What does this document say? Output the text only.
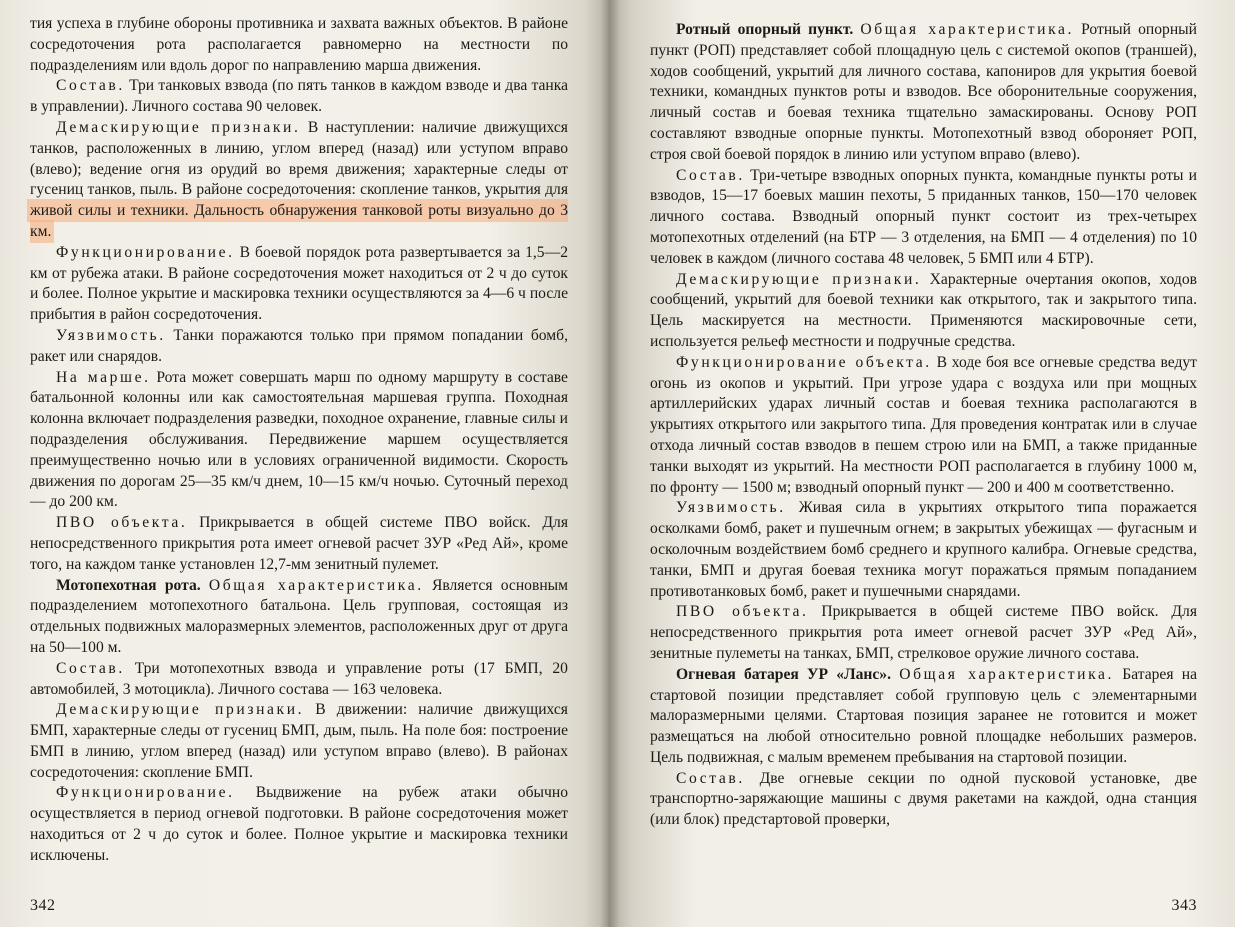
тия успеха в глубине обороны противника и захвата важных объектов. В районе сосредоточения рота располагается равномерно на местности по подразделениям или вдоль дорог по направлению марша движения.

Состав. Три танковых взвода (по пять танков в каждом взводе и два танка в управлении). Личного состава 90 человек.

Демаскирующие признаки. В наступлении: наличие движущихся танков, расположенных в линию, углом вперед (назад) или уступом вправо (влево); ведение огня из орудий во время движения; характерные следы от гусениц танков, пыль. В районе сосредоточения: скопление танков, укрытия для живой силы и техники. Дальность обнаружения танковой роты визуально до 3 км.

Функционирование. В боевой порядок рота развертывается за 1,5—2 км от рубежа атаки. В районе сосредоточения может находиться от 2 ч до суток и более. Полное укрытие и маскировка техники осуществляются за 4—6 ч после прибытия в район сосредоточения.

Уязвимость. Танки поражаются только при прямом попадании бомб, ракет или снарядов.

На марше. Рота может совершать марш по одному маршруту в составе батальонной колонны или как самостоятельная маршевая группа. Походная колонна включает подразделения разведки, походное охранение, главные силы и подразделения обслуживания. Передвижение маршем осуществляется преимущественно ночью или в условиях ограниченной видимости. Скорость движения по дорогам 25—35 км/ч днем, 10—15 км/ч ночью. Суточный переход — до 200 км.

ПВО объекта. Прикрывается в общей системе ПВО войск. Для непосредственного прикрытия рота имеет огневой расчет ЗУР «Ред Ай», кроме того, на каждом танке установлен 12,7-мм зенитный пулемет.

Мотопехотная рота. Общая характеристика. Является основным подразделением мотопехотного батальона. Цель групповая, состоящая из отдельных подвижных малоразмерных элементов, расположенных друг от друга на 50—100 м.

Состав. Три мотопехотных взвода и управление роты (17 БМП, 20 автомобилей, 3 мотоцикла). Личного состава — 163 человека.

Демаскирующие признаки. В движении: наличие движущихся БМП, характерные следы от гусениц БМП, дым, пыль. На поле боя: построение БМП в линию, углом вперед (назад) или уступом вправо (влево). В районах сосредоточения: скопление БМП.

Функционирование. Выдвижение на рубеж атаки обычно осуществляется в период огневой подготовки. В районе сосредоточения может находиться от 2 ч до суток и более. Полное укрытие и маскировка техники исключены.

342

Ротный опорный пункт. Общая характеристика. Ротный опорный пункт (РОП) представляет собой площадную цель с системой окопов (траншей), ходов сообщений, укрытий для личного состава, капониров для укрытия боевой техники, командных пунктов роты и взводов. Все оборонительные сооружения, личный состав и боевая техника тщательно замаскированы. Основу РОП составляют взводные опорные пункты. Мотопехотный взвод обороняет РОП, строя свой боевой порядок в линию или уступом вправо (влево).

Состав. Три-четыре взводных опорных пункта, командные пункты роты и взводов, 15—17 боевых машин пехоты, 5 приданных танков, 150—170 человек личного состава. Взводный опорный пункт состоит из трех-четырех мотопехотных отделений (на БТР — 3 отделения, на БМП — 4 отделения) по 10 человек в каждом (личного состава 48 человек, 5 БМП или 4 БТР).

Демаскирующие признаки. Характерные очертания окопов, ходов сообщений, укрытий для боевой техники как открытого, так и закрытого типа. Цель маскируется на местности. Применяются маскировочные сети, используется рельеф местности и подручные средства.

Функционирование объекта. В ходе боя все огневые средства ведут огонь из окопов и укрытий. При угрозе удара с воздуха или при мощных артиллерийских ударах личный состав и боевая техника располагаются в укрытиях открытого или закрытого типа. Для проведения контратак или в случае отхода личный состав взводов в пешем строю или на БМП, а также приданные танки выходят из укрытий. На местности РОП располагается в глубину 1000 м, по фронту — 1500 м; взводный опорный пункт — 200 и 400 м соответственно.

Уязвимость. Живая сила в укрытиях открытого типа поражается осколками бомб, ракет и пушечным огнем; в закрытых убежищах — фугасным и осколочным воздействием бомб среднего и крупного калибра. Огневые средства, танки, БМП и другая боевая техника могут поражаться прямым попаданием противотанковых бомб, ракет и пушечными снарядами.

ПВО объекта. Прикрывается в общей системе ПВО войск. Для непосредственного прикрытия рота имеет огневой расчет ЗУР «Ред Ай», зенитные пулеметы на танках, БМП, стрелковое оружие личного состава.

Огневая батарея УР «Ланс». Общая характеристика. Батарея на стартовой позиции представляет собой групповую цель с элементарными малоразмерными целями. Стартовая позиция заранее не готовится и может размещаться на любой относительно ровной площадке небольших размеров. Цель подвижная, с малым временем пребывания на стартовой позиции.

Состав. Две огневые секции по одной пусковой установке, две транспортно-заряжающие машины с двумя ракетами на каждой, одна станция (или блок) предстартовой проверки,

343
